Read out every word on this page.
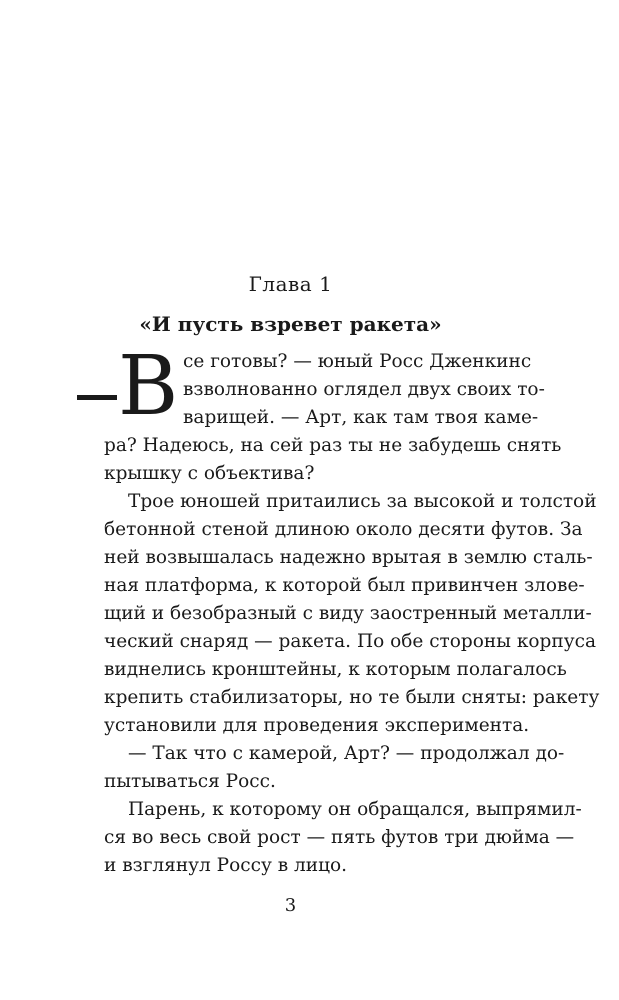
Глава 1
«И пусть взревет ракета»
В се готовы? — юный Росс Дженкинс
взволнованно оглядел двух своих то-
варищей. — Арт, как там твоя каме-
ра? Надеюсь, на сей раз ты не забудешь снять
крышку с объектива?
Трое юношей притаились за высокой и толстой
бетонной стеной длиною около десяти футов. За
ней возвышалась надежно врытая в землю сталь-
ная платформа, к которой был привинчен злове-
щий и безобразный с виду заостренный металли-
ческий снаряд — ракета. По обе стороны корпуса
виднелись кронштейны, к которым полагалось
крепить стабилизаторы, но те были сняты: ракету
установили для проведения эксперимента.
— Так что с камерой, Арт? — продолжал до-
пытываться Росс.
Парень, к которому он обращался, выпрямил-
ся во весь свой рост — пять футов три дюйма —
и взглянул Россу в лицо.
3
